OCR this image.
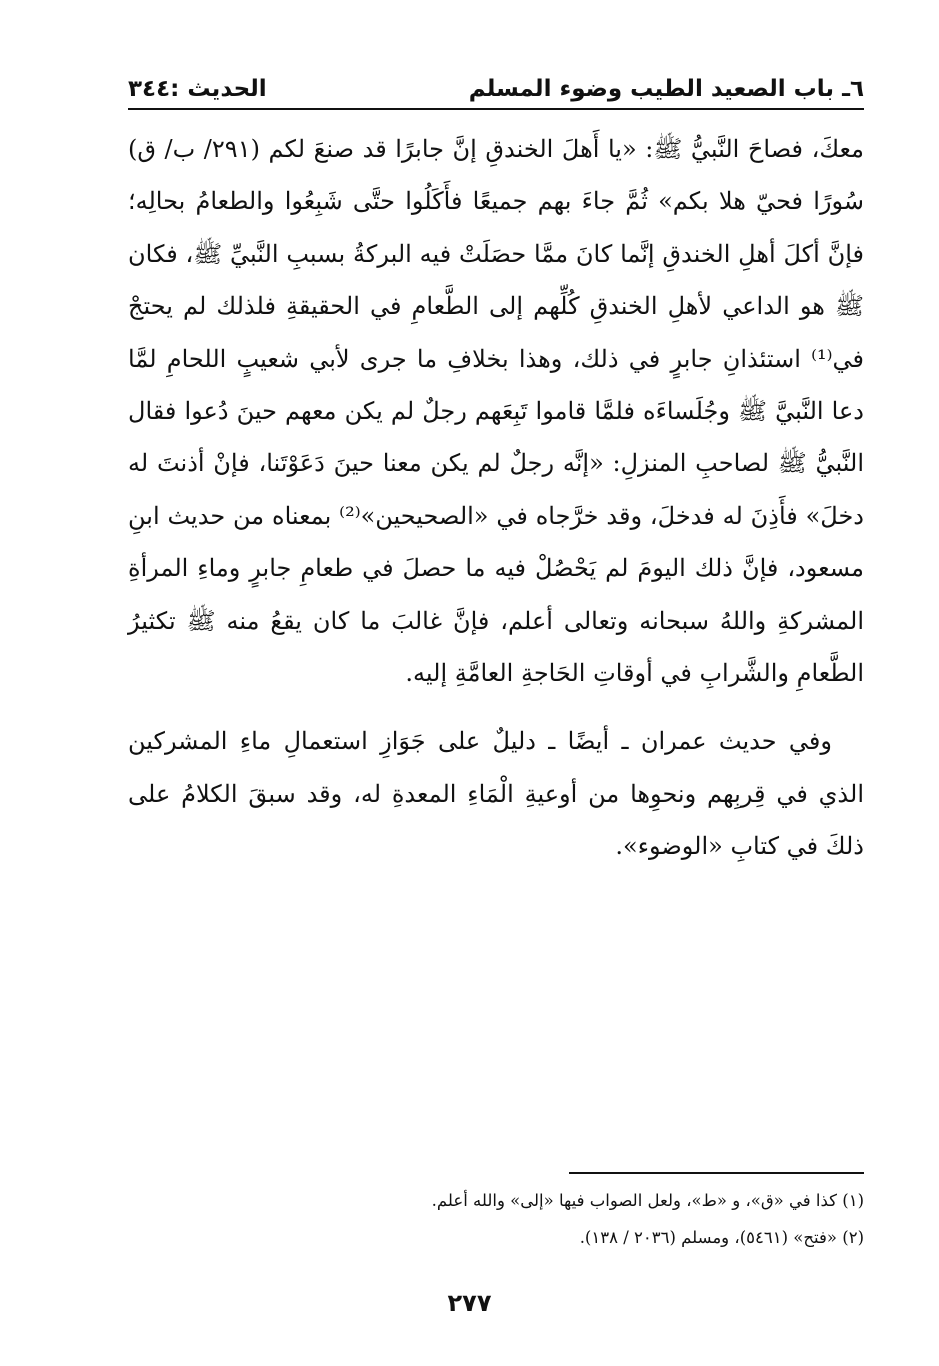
٦ـ باب الصعيد الطيب وضوء المسلم
الحديث :٣٤٤

معكَ، فصاحَ النَّبيُّ ﷺ: «يا أَهلَ الخندقِ إنَّ جابرًا قد صنعَ لكم (٢٩١/ ب/ ق) سُورًا فحيّ هلا بكم» ثُمَّ جاءَ بهم جميعًا فأَكَلُوا حتَّى شَبِعُوا والطعامُ بحالِه؛ فإنَّ أكلَ أهلِ الخندقِ إنَّما كانَ ممَّا حصَلَتْ فيه البركةُ بسببِ النَّبيِّ ﷺ، فكان ﷺ هو الداعي لأهلِ الخندقِ كُلِّهم إلى الطَّعامِ في الحقيقةِ فلذلك لم يحتجْ في⁽¹⁾ استئذانِ جابرٍ في ذلك، وهذا بخلافِ ما جرى لأبي شعيبٍ اللحامِ لمَّا دعا النَّبيَّ ﷺ وجُلَساءَه فلمَّا قاموا تَبِعَهم رجلٌ لم يكن معهم حينَ دُعوا فقال النَّبيُّ ﷺ لصاحبِ المنزلِ: «إنَّه رجلٌ لم يكن معنا حينَ دَعَوْتَنا، فإنْ أذنتَ له دخلَ» فأَذِنَ له فدخلَ، وقد خرَّجاه في «الصحيحين»⁽²⁾ بمعناه من حديث ابنِ مسعود، فإنَّ ذلك اليومَ لم يَحْصُلْ فيه ما حصلَ في طعامِ جابرٍ وماءِ المرأةِ المشركةِ واللهُ سبحانه وتعالى أعلم، فإنَّ غالبَ ما كان يقعُ منه ﷺ تكثيرُ الطَّعامِ والشَّرابِ في أوقاتِ الحَاجةِ العامَّةِ إليه.

وفي حديث عمران ـ أيضًا ـ دليلٌ على جَوَازِ استعمالِ ماءِ المشركين الذي في قِربِهم ونحوِها من أوعيةِ الْمَاءِ المعدةِ له، وقد سبقَ الكلامُ على ذلكَ في كتابِ «الوضوء».

(١) كذا في «ق»، و «ط»، ولعل الصواب فيها «إلى» والله أعلم.

(٢) «فتح» (٥٤٦١)، ومسلم (٢٠٣٦ / ١٣٨).

٢٧٧
